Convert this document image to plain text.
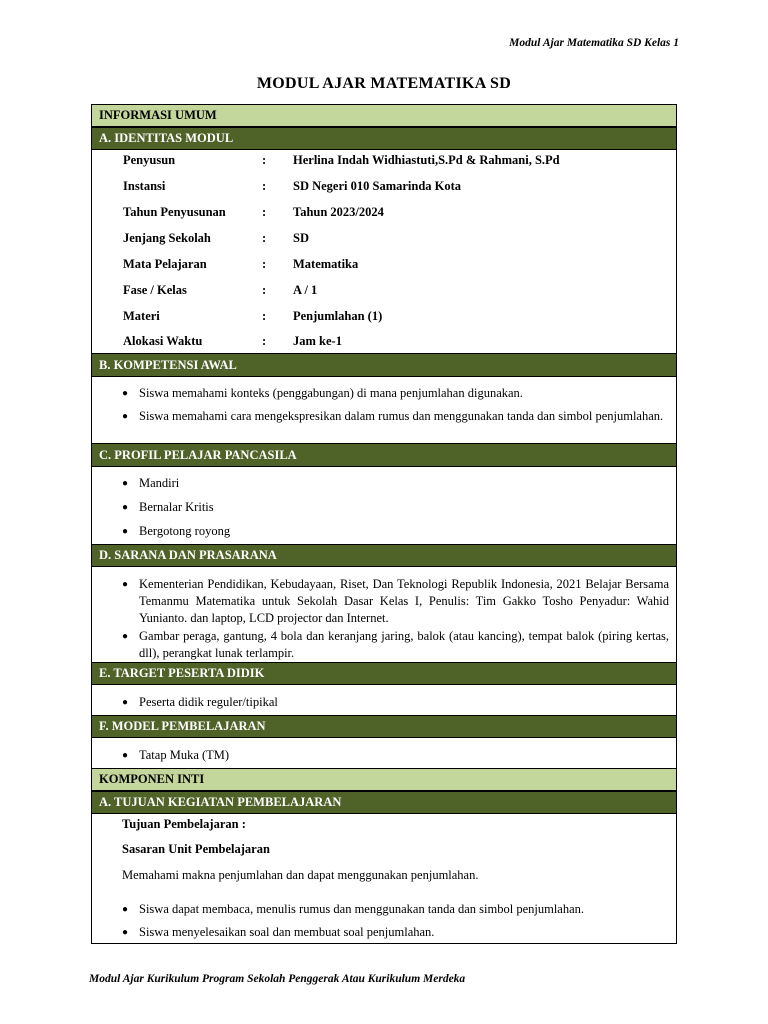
Modul Ajar Matematika SD Kelas 1
MODUL AJAR MATEMATIKA SD
INFORMASI UMUM
A. IDENTITAS MODUL
Penyusun	: Herlina Indah Widhiastuti,S.Pd & Rahmani, S.Pd
Instansi	: SD Negeri 010 Samarinda Kota
Tahun Penyusunan	: Tahun 2023/2024
Jenjang Sekolah	: SD
Mata Pelajaran	: Matematika
Fase / Kelas	: A / 1
Materi	: Penjumlahan (1)
Alokasi Waktu	: Jam ke-1
B. KOMPETENSI AWAL
● Siswa memahami konteks (penggabungan) di mana penjumlahan digunakan.
● Siswa memahami cara mengekspresikan dalam rumus dan menggunakan tanda dan simbol penjumlahan.
C. PROFIL PELAJAR PANCASILA
● Mandiri
● Bernalar Kritis
● Bergotong royong
D. SARANA DAN PRASARANA
● Kementerian Pendidikan, Kebudayaan, Riset, Dan Teknologi Republik Indonesia, 2021 Belajar Bersama Temanmu Matematika untuk Sekolah Dasar Kelas I, Penulis: Tim Gakko Tosho Penyadur: Wahid Yunianto. dan laptop, LCD projector dan Internet.
● Gambar peraga, gantung, 4 bola dan keranjang jaring, balok (atau kancing), tempat balok (piring kertas, dll), perangkat lunak terlampir.
E. TARGET PESERTA DIDIK
● Peserta didik reguler/tipikal
F. MODEL PEMBELAJARAN
● Tatap Muka (TM)
KOMPONEN INTI
A. TUJUAN KEGIATAN PEMBELAJARAN
Tujuan Pembelajaran :
Sasaran Unit Pembelajaran
Memahami makna penjumlahan dan dapat menggunakan penjumlahan.
● Siswa dapat membaca, menulis rumus dan menggunakan tanda dan simbol penjumlahan.
● Siswa menyelesaikan soal dan membuat soal penjumlahan.
Modul Ajar Kurikulum Program Sekolah Penggerak Atau Kurikulum Merdeka
